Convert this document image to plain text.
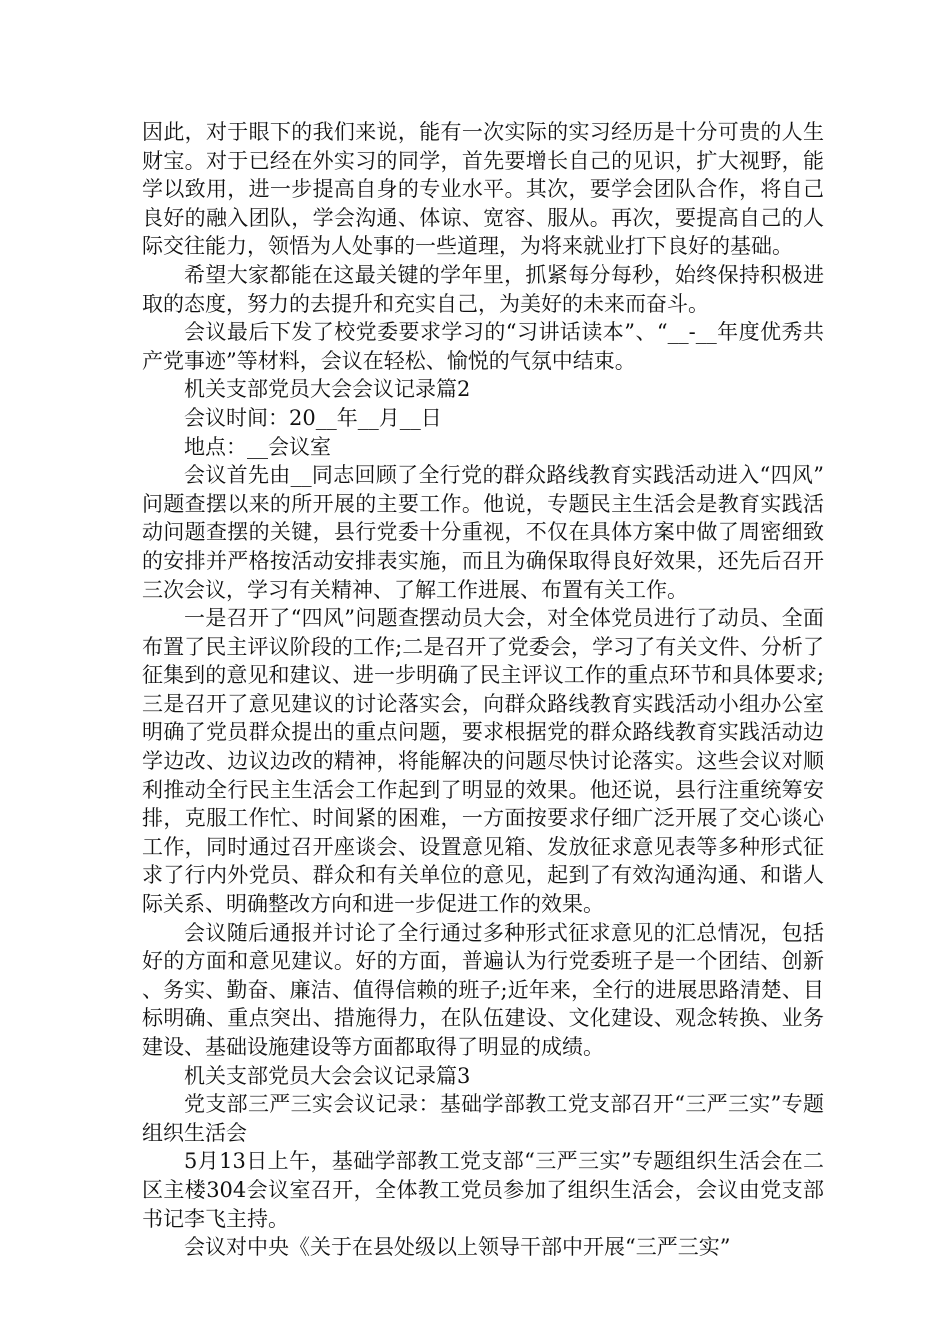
因此，对于眼下的我们来说，能有一次实际的实习经历是十分可贵的人生财宝。对于已经在外实习的同学，首先要增长自己的见识，扩大视野，能学以致用，进一步提高自身的专业水平。其次，要学会团队合作，将自己良好的融入团队，学会沟通、体谅、宽容、服从。再次，要提高自己的人际交往能力，领悟为人处事的一些道理，为将来就业打下良好的基础。

希望大家都能在这最关键的学年里，抓紧每分每秒，始终保持积极进取的态度，努力的去提升和充实自己，为美好的未来而奋斗。

会议最后下发了校党委要求学习的“习讲话读本”、“__-__年度优秀共产党事迹”等材料，会议在轻松、愉悦的气氛中结束。

机关支部党员大会会议记录篇2

会议时间：20__年__月__日

地点：__会议室

会议首先由__同志回顾了全行党的群众路线教育实践活动进入“四风”问题查摆以来的所开展的主要工作。他说，专题民主生活会是教育实践活动问题查摆的关键，县行党委十分重视，不仅在具体方案中做了周密细致的安排并严格按活动安排表实施，而且为确保取得良好效果，还先后召开三次会议，学习有关精神、了解工作进展、布置有关工作。

一是召开了“四风”问题查摆动员大会，对全体党员进行了动员、全面布置了民主评议阶段的工作;二是召开了党委会，学习了有关文件、分析了征集到的意见和建议、进一步明确了民主评议工作的重点环节和具体要求;三是召开了意见建议的讨论落实会，向群众路线教育实践活动小组办公室明确了党员群众提出的重点问题，要求根据党的群众路线教育实践活动边学边改、边议边改的精神，将能解决的问题尽快讨论落实。这些会议对顺利推动全行民主生活会工作起到了明显的效果。他还说，县行注重统筹安排，克服工作忙、时间紧的困难，一方面按要求仔细广泛开展了交心谈心工作，同时通过召开座谈会、设置意见箱、发放征求意见表等多种形式征求了行内外党员、群众和有关单位的意见，起到了有效沟通沟通、和谐人际关系、明确整改方向和进一步促进工作的效果。

会议随后通报并讨论了全行通过多种形式征求意见的汇总情况，包括好的方面和意见建议。好的方面，普遍认为行党委班子是一个团结、创新、务实、勤奋、廉洁、值得信赖的班子;近年来，全行的进展思路清楚、目标明确、重点突出、措施得力，在队伍建设、文化建设、观念转换、业务建设、基础设施建设等方面都取得了明显的成绩。

机关支部党员大会会议记录篇3

党支部三严三实会议记录：基础学部教工党支部召开“三严三实”专题组织生活会

5月13日上午，基础学部教工党支部“三严三实”专题组织生活会在二区主楼304会议室召开，全体教工党员参加了组织生活会，会议由党支部书记李飞主持。

会议对中央《关于在县处级以上领导干部中开展“三严三实”
